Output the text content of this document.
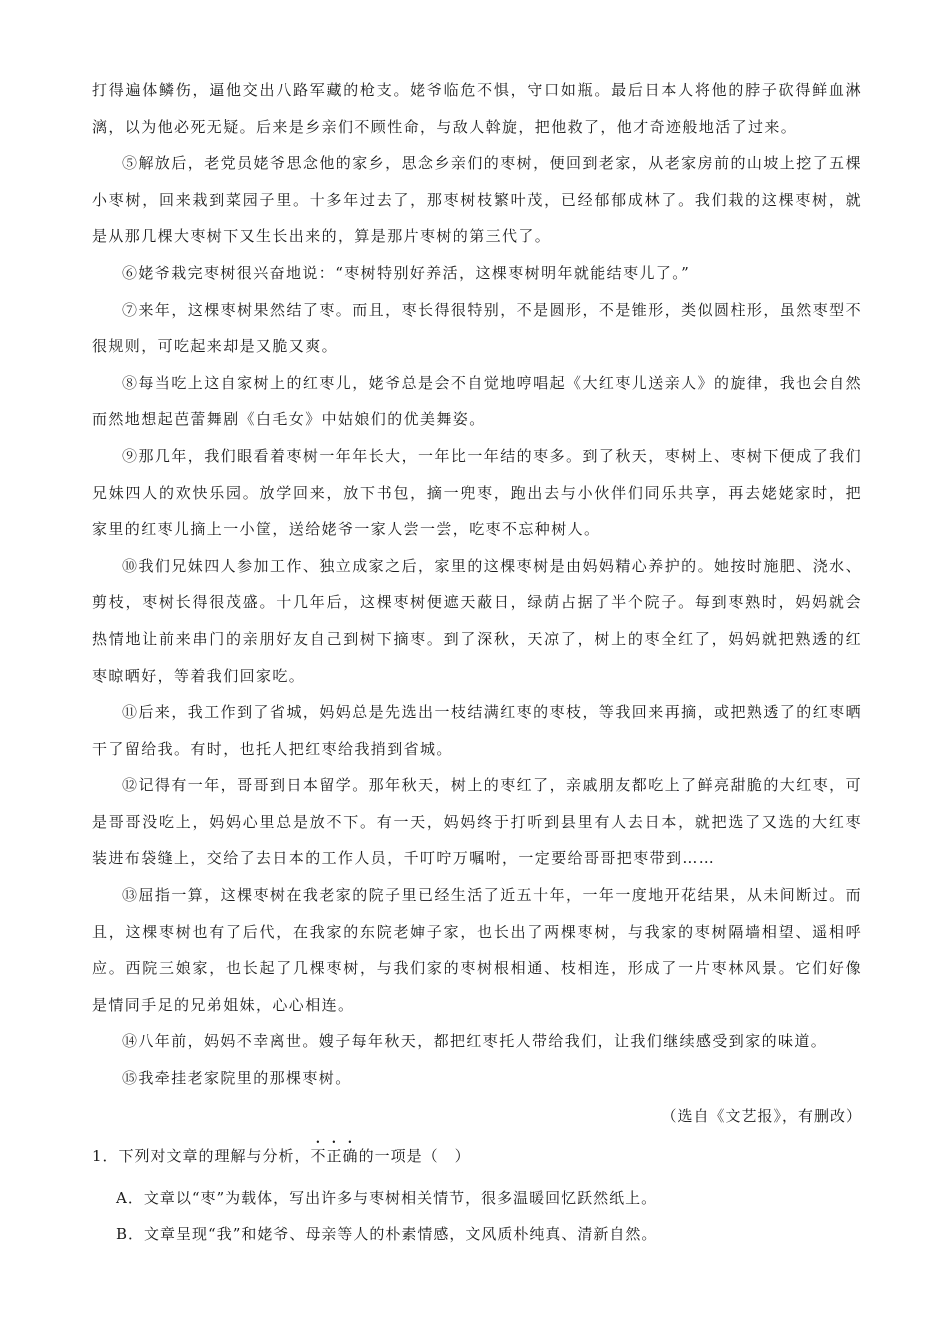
打得遍体鳞伤，逼他交出八路军藏的枪支。姥爷临危不惧，守口如瓶。最后日本人将他的脖子砍得鲜血淋漓，以为他必死无疑。后来是乡亲们不顾性命，与敌人斡旋，把他救了，他才奇迹般地活了过来。

⑤解放后，老党员姥爷思念他的家乡，思念乡亲们的枣树，便回到老家，从老家房前的山坡上挖了五棵小枣树，回来栽到菜园子里。十多年过去了，那枣树枝繁叶茂，已经郁郁成林了。我们栽的这棵枣树，就是从那几棵大枣树下又生长出来的，算是那片枣树的第三代了。

⑥姥爷栽完枣树很兴奋地说：“枣树特别好养活，这棵枣树明年就能结枣儿了。”

⑦来年，这棵枣树果然结了枣。而且，枣长得很特别，不是圆形，不是锥形，类似圆柱形，虽然枣型不很规则，可吃起来却是又脆又爽。

⑧每当吃上这自家树上的红枣儿，姥爷总是会不自觉地哼唱起《大红枣儿送亲人》的旋律，我也会自然而然地想起芭蕾舞剧《白毛女》中姑娘们的优美舞姿。

⑨那几年，我们眼看着枣树一年年长大，一年比一年结的枣多。到了秋天，枣树上、枣树下便成了我们兄妹四人的欢快乐园。放学回来，放下书包，摘一兜枣，跑出去与小伙伴们同乐共享，再去姥姥家时，把家里的红枣儿摘上一小筐，送给姥爷一家人尝一尝，吃枣不忘种树人。

⑩我们兄妹四人参加工作、独立成家之后，家里的这棵枣树是由妈妈精心养护的。她按时施肥、浇水、剪枝，枣树长得很茂盛。十几年后，这棵枣树便遮天蔽日，绿荫占据了半个院子。每到枣熟时，妈妈就会热情地让前来串门的亲朋好友自己到树下摘枣。到了深秋，天凉了，树上的枣全红了，妈妈就把熟透的红枣晾晒好，等着我们回家吃。

⑪后来，我工作到了省城，妈妈总是先选出一枝结满红枣的枣枝，等我回来再摘，或把熟透了的红枣晒干了留给我。有时，也托人把红枣给我捎到省城。

⑫记得有一年，哥哥到日本留学。那年秋天，树上的枣红了，亲戚朋友都吃上了鲜亮甜脆的大红枣，可是哥哥没吃上，妈妈心里总是放不下。有一天，妈妈终于打听到县里有人去日本，就把选了又选的大红枣装进布袋缝上，交给了去日本的工作人员，千叮咛万嘱咐，一定要给哥哥把枣带到……

⑬屈指一算，这棵枣树在我老家的院子里已经生活了近五十年，一年一度地开花结果，从未间断过。而且，这棵枣树也有了后代，在我家的东院老婶子家，也长出了两棵枣树，与我家的枣树隔墙相望、遥相呼应。西院三娘家，也长起了几棵枣树，与我们家的枣树根相通、枝相连，形成了一片枣林风景。它们好像是情同手足的兄弟姐妹，心心相连。

⑭八年前，妈妈不幸离世。嫂子每年秋天，都把红枣托人带给我们，让我们继续感受到家的味道。

⑮我牵挂老家院里的那棵枣树。

（选自《文艺报》，有删改）

1．下列对文章的理解与分析，不正确的一项是（　）

A．文章以“枣”为载体，写出许多与枣树相关情节，很多温暖回忆跃然纸上。

B．文章呈现“我”和姥爷、母亲等人的朴素情感，文风质朴纯真、清新自然。
